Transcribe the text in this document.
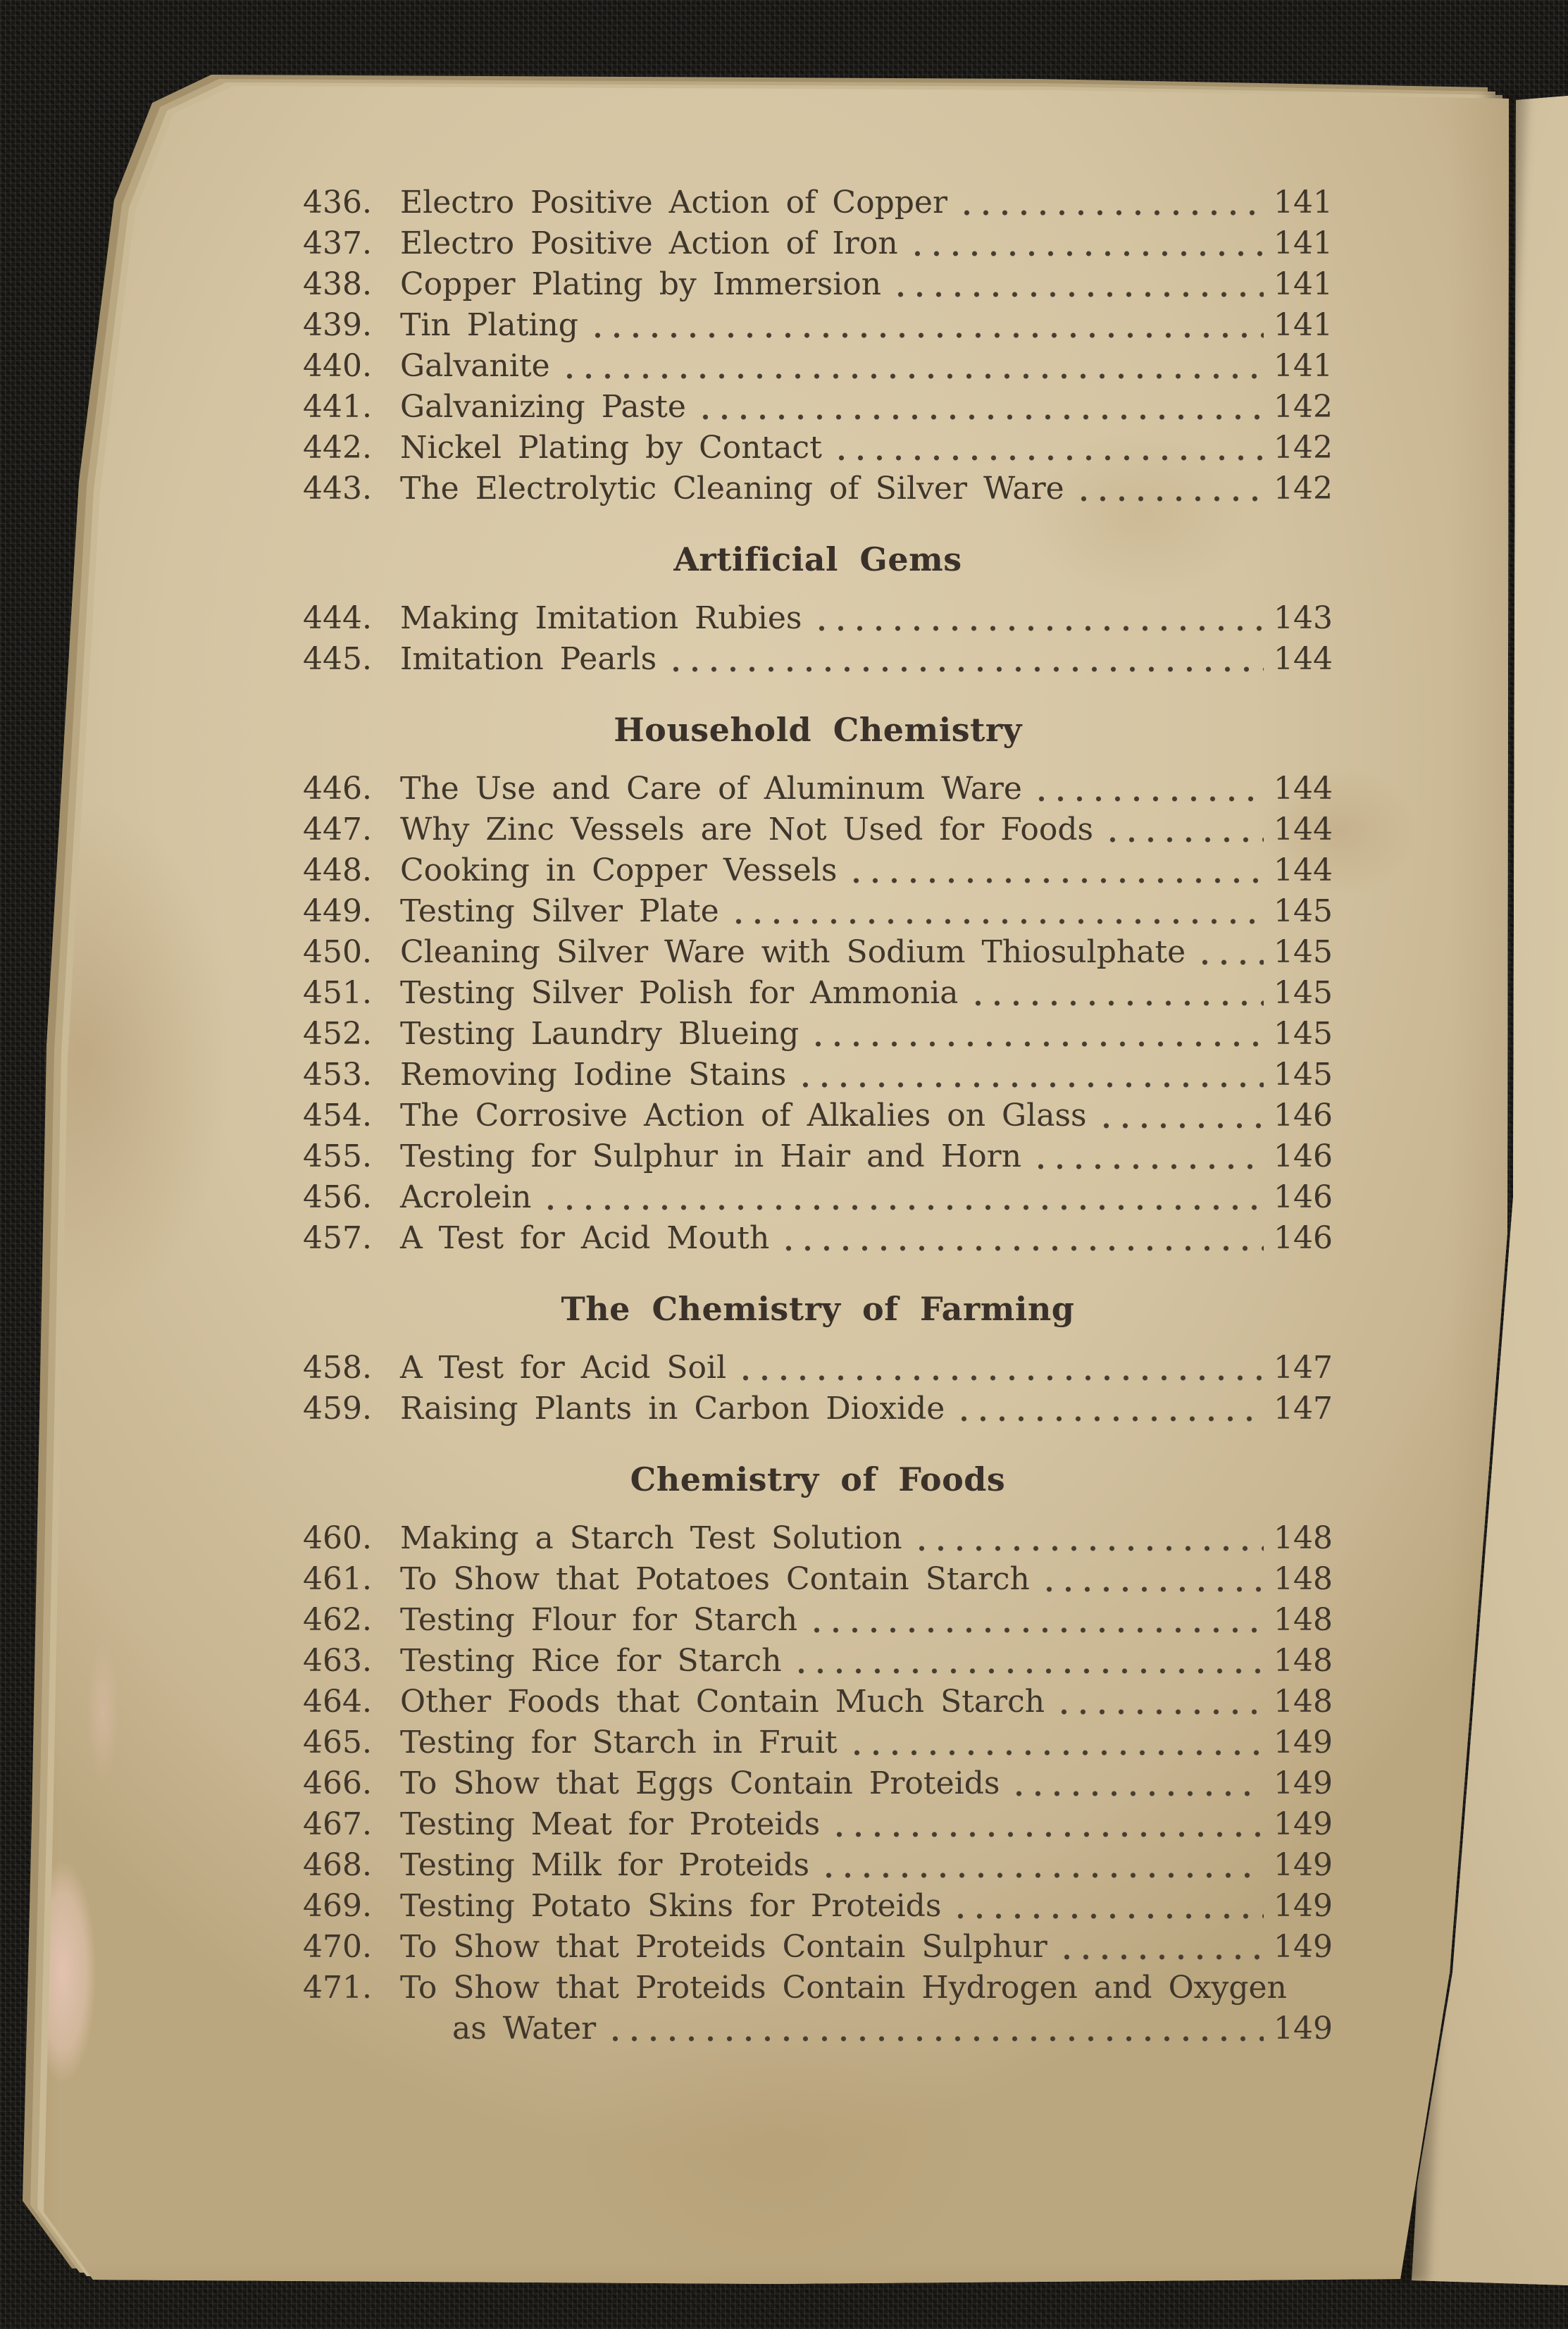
436. Electro Positive Action of Copper	141
437. Electro Positive Action of Iron	141
438. Copper Plating by Immersion	141
439. Tin Plating	141
440. Galvanite	141
441. Galvanizing Paste	142
442. Nickel Plating by Contact	142
443. The Electrolytic Cleaning of Silver Ware	142
Artificial Gems
444. Making Imitation Rubies	143
445. Imitation Pearls	144
Household Chemistry
446. The Use and Care of Aluminum Ware	144
447. Why Zinc Vessels are Not Used for Foods	144
448. Cooking in Copper Vessels	144
449. Testing Silver Plate	145
450. Cleaning Silver Ware with Sodium Thiosulphate	145
451. Testing Silver Polish for Ammonia	145
452. Testing Laundry Blueing	145
453. Removing Iodine Stains	145
454. The Corrosive Action of Alkalies on Glass	146
455. Testing for Sulphur in Hair and Horn	146
456. Acrolein	146
457. A Test for Acid Mouth	146
The Chemistry of Farming
458. A Test for Acid Soil	147
459. Raising Plants in Carbon Dioxide	147
Chemistry of Foods
460. Making a Starch Test Solution	148
461. To Show that Potatoes Contain Starch	148
462. Testing Flour for Starch	148
463. Testing Rice for Starch	148
464. Other Foods that Contain Much Starch	148
465. Testing for Starch in Fruit	149
466. To Show that Eggs Contain Proteids	149
467. Testing Meat for Proteids	149
468. Testing Milk for Proteids	149
469. Testing Potato Skins for Proteids	149
470. To Show that Proteids Contain Sulphur	149
471. To Show that Proteids Contain Hydrogen and Oxygen
as Water	149
